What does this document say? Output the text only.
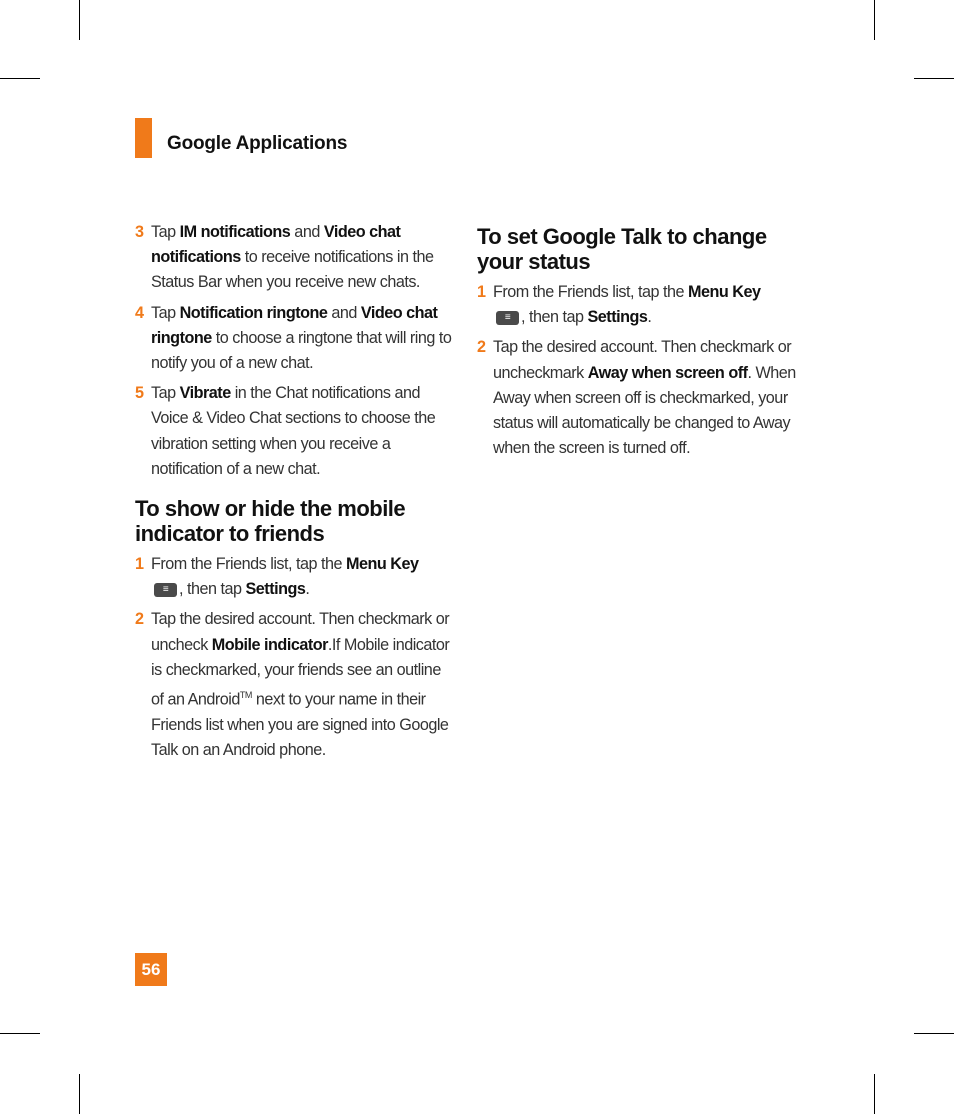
Google Applications
3 Tap IM notifications and Video chat notifications to receive notifications in the Status Bar when you receive new chats.
4 Tap Notification ringtone and Video chat ringtone to choose a ringtone that will ring to notify you of a new chat.
5 Tap Vibrate in the Chat notifications and Voice & Video Chat sections to choose the vibration setting when you receive a notification of a new chat.
To show or hide the mobile indicator to friends
1 From the Friends list, tap the Menu Key
≡ , then tap Settings.
2 Tap the desired account. Then checkmark or uncheck Mobile indicator.If Mobile indicator is checkmarked, your friends see an outline of an Android™ next to your name in their Friends list when you are signed into Google Talk on an Android phone.
To set Google Talk to change your status
1 From the Friends list, tap the Menu Key
≡ , then tap Settings.
2 Tap the desired account. Then checkmark or uncheckmark Away when screen off. When Away when screen off is checkmarked, your status will automatically be changed to Away when the screen is turned off.
56
